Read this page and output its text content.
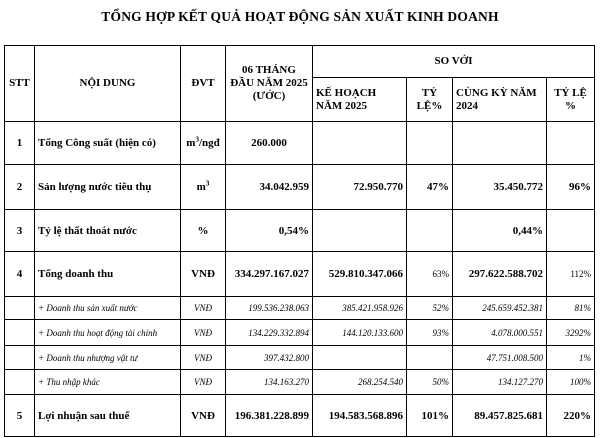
TỔNG HỢP KẾT QUẢ HOẠT ĐỘNG SẢN XUẤT KINH DOANH
STT	NỘI DUNG	ĐVT	06 THÁNG ĐẦU NĂM 2025 (ƯỚC)	SO VỚI			
				KẾ HOẠCH NĂM 2025	TỶ LỆ%	CÙNG KỲ NĂM 2024	TỶ LỆ %
1	Tổng Công suất (hiện có)	$m^3$/ngđ	260.000				
2	Sản lượng nước tiêu thụ	$m^3$	34.042.959	72.950.770	47%	35.450.772	96%
3	Tỷ lệ thất thoát nước	%	0,54%			0,44%	
4	Tổng doanh thu	VNĐ	334.297.167.027	529.810.347.066	63%	297.622.588.702	112%
	+ Doanh thu sản xuất nước	VNĐ	199.536.238.063	385.421.958.926	52%	245.659.452.381	81%
	+ Doanh thu hoạt động tài chính	VNĐ	134.229.332.894	144.120.133.600	93%	4.078.000.551	3292%
	+ Doanh thu nhượng vật tư	VNĐ	397.432.800			47.751.008.500	1%
	+ Thu nhập khác	VNĐ	134.163.270	268.254.540	50%	134.127.270	100%
5	Lợi nhuận sau thuế	VNĐ	196.381.228.899	194.583.568.896	101%	89.457.825.681	220%
